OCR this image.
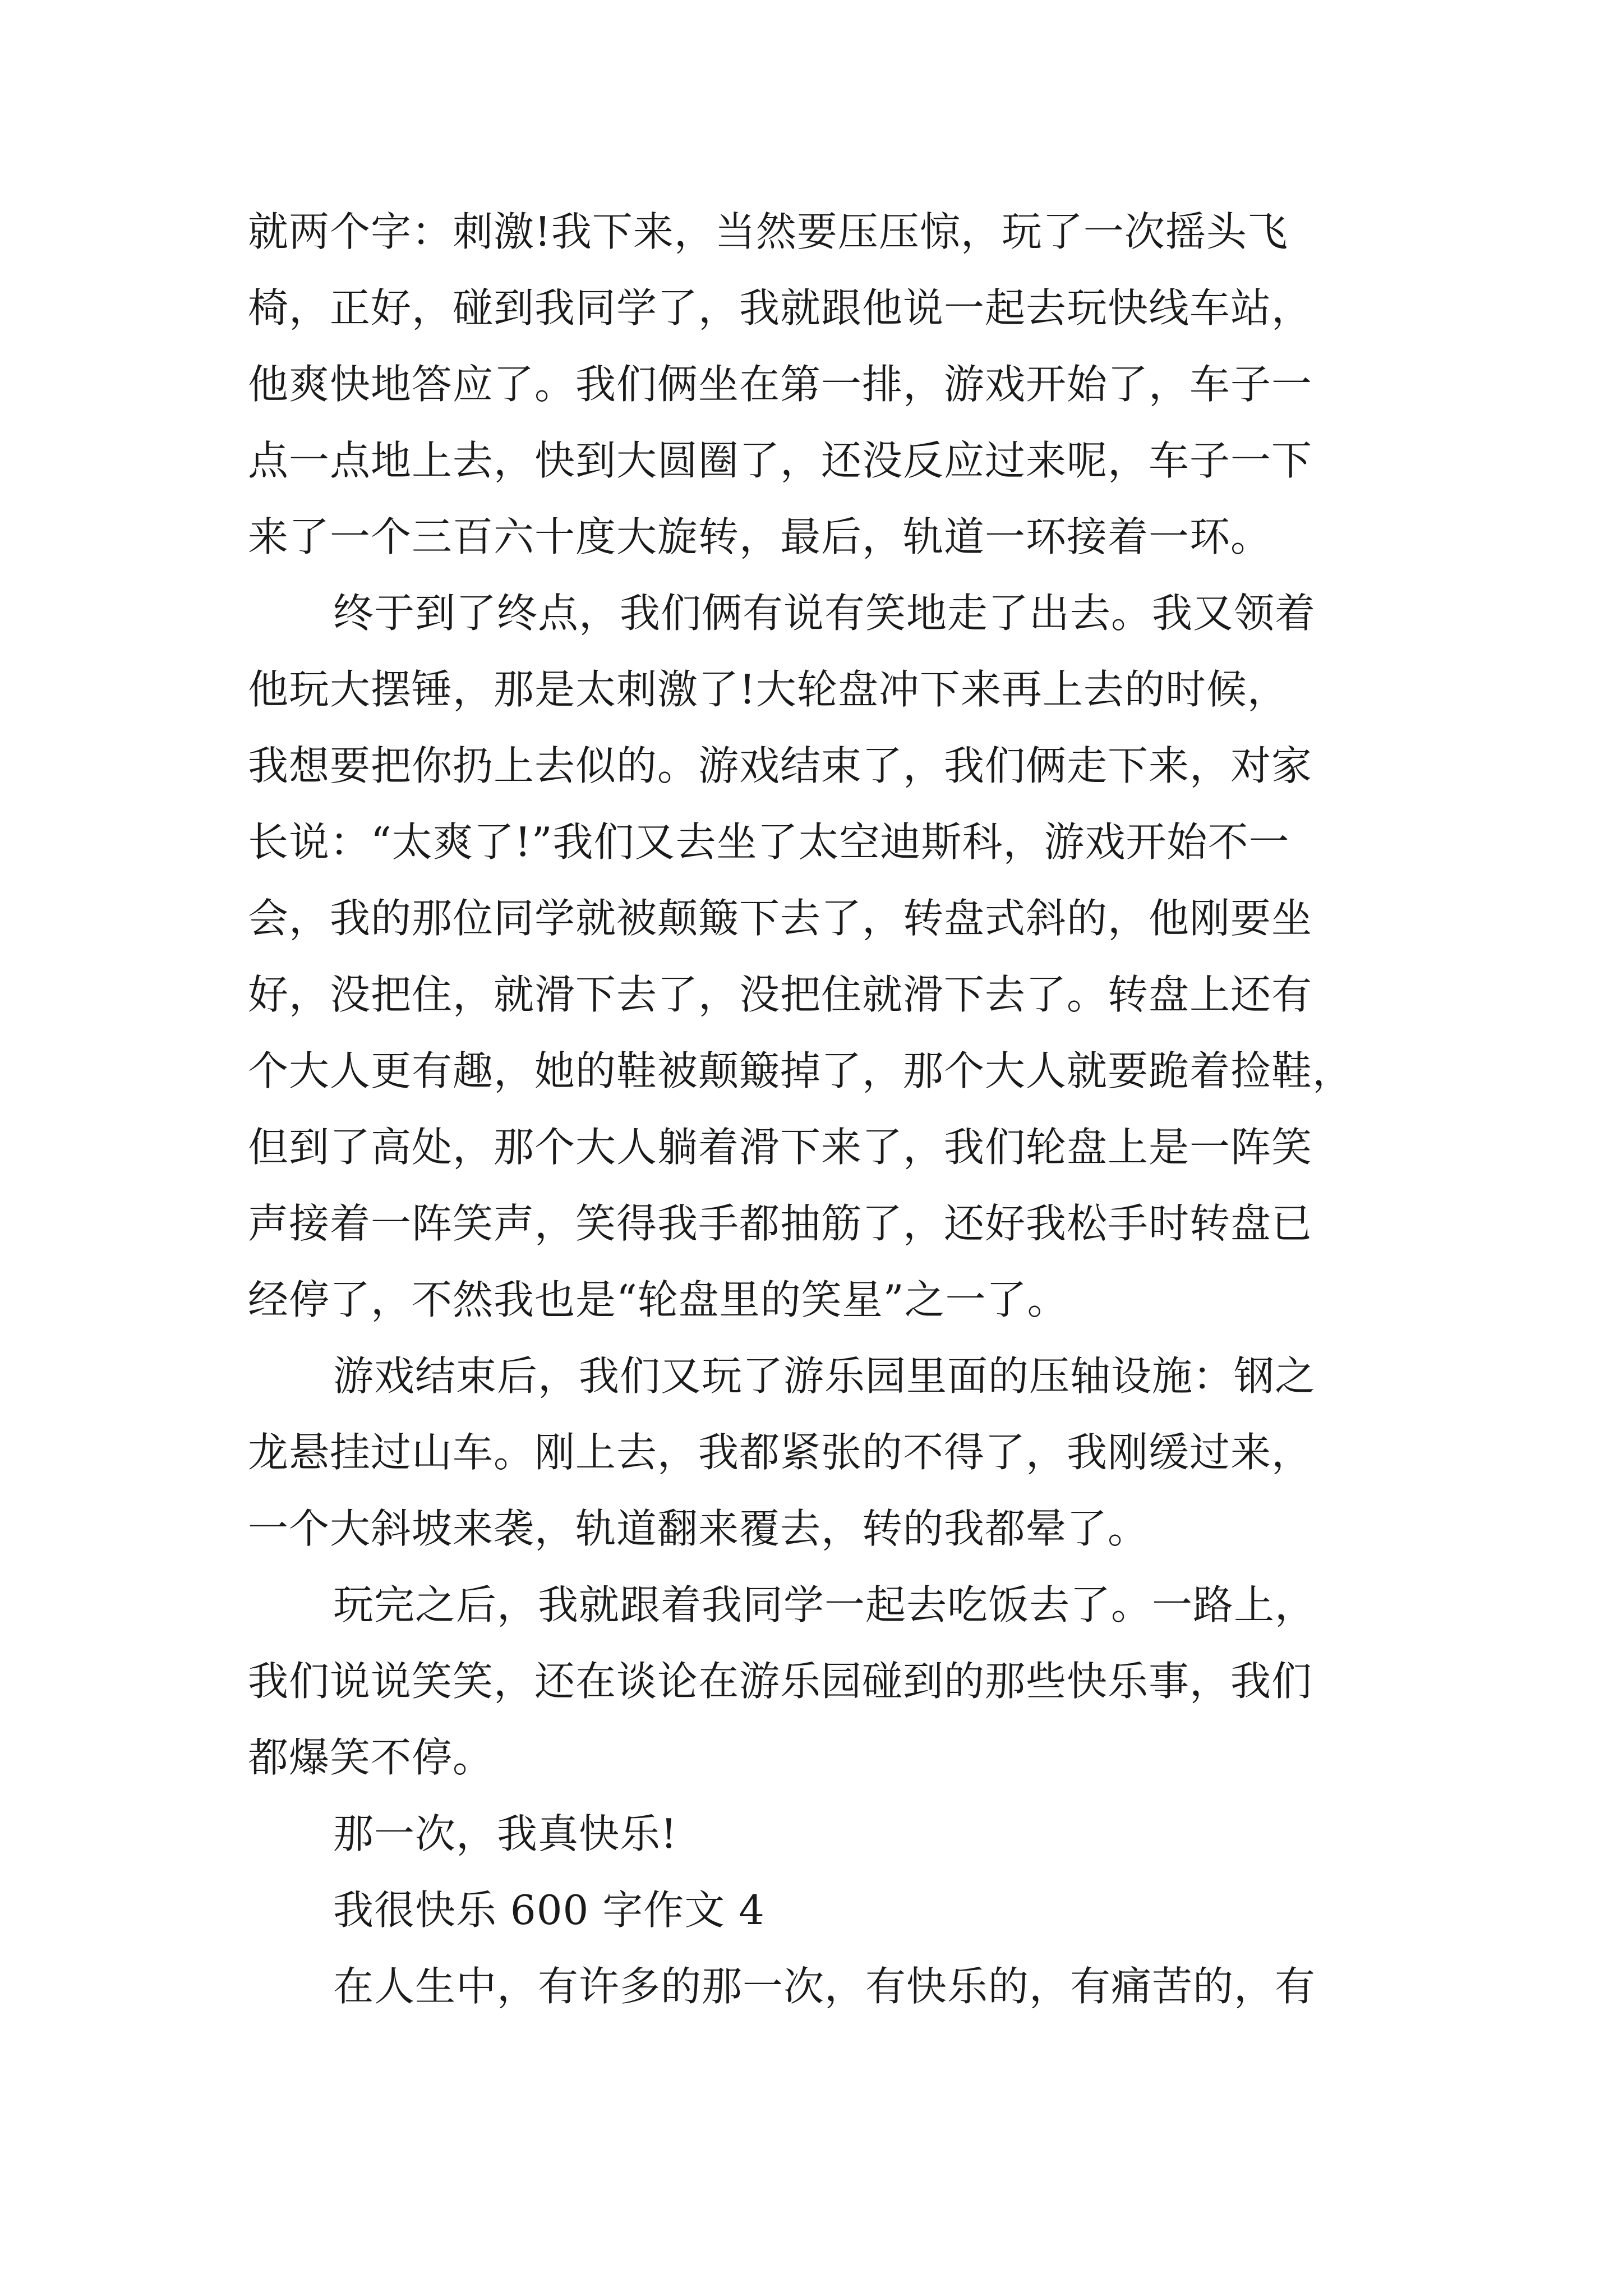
就两个字：刺激!我下来，当然要压压惊，玩了一次摇头飞
椅，正好，碰到我同学了，我就跟他说一起去玩快线车站，
他爽快地答应了。我们俩坐在第一排，游戏开始了，车子一
点一点地上去，快到大圆圈了，还没反应过来呢，车子一下
来了一个三百六十度大旋转，最后，轨道一环接着一环。
终于到了终点，我们俩有说有笑地走了出去。我又领着
他玩大摆锤，那是太刺激了!大轮盘冲下来再上去的时候，
我想要把你扔上去似的。游戏结束了，我们俩走下来，对家
长说：“太爽了!”我们又去坐了太空迪斯科，游戏开始不一
会，我的那位同学就被颠簸下去了，转盘式斜的，他刚要坐
好，没把住，就滑下去了，没把住就滑下去了。转盘上还有
个大人更有趣，她的鞋被颠簸掉了，那个大人就要跪着捡鞋，
但到了高处，那个大人躺着滑下来了，我们轮盘上是一阵笑
声接着一阵笑声，笑得我手都抽筋了，还好我松手时转盘已
经停了，不然我也是“轮盘里的笑星”之一了。
游戏结束后，我们又玩了游乐园里面的压轴设施：钢之
龙悬挂过山车。刚上去，我都紧张的不得了，我刚缓过来，
一个大斜坡来袭，轨道翻来覆去，转的我都晕了。
玩完之后，我就跟着我同学一起去吃饭去了。一路上，
我们说说笑笑，还在谈论在游乐园碰到的那些快乐事，我们
都爆笑不停。
那一次，我真快乐!
我很快乐 600 字作文 4
在人生中，有许多的那一次，有快乐的，有痛苦的，有
